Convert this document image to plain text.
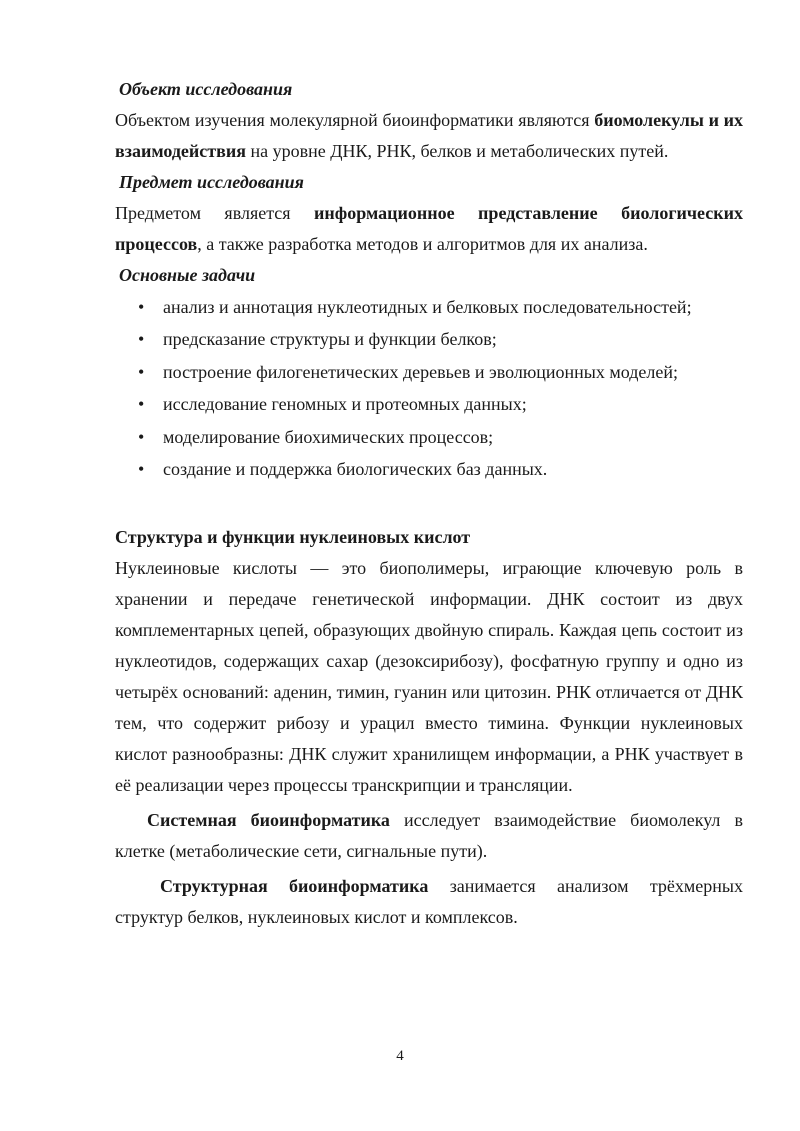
Объект исследования

Объектом изучения молекулярной биоинформатики являются биомолекулы и их взаимодействия на уровне ДНК, РНК, белков и метаболических путей.

Предмет исследования

Предметом является информационное представление биологических процессов, а также разработка методов и алгоритмов для их анализа.

Основные задачи

• анализ и аннотация нуклеотидных и белковых последовательностей;
• предсказание структуры и функции белков;
• построение филогенетических деревьев и эволюционных моделей;
• исследование геномных и протеомных данных;
• моделирование биохимических процессов;
• создание и поддержка биологических баз данных.

Структура и функции нуклеиновых кислот

Нуклеиновые кислоты — это биополимеры, играющие ключевую роль в хранении и передаче генетической информации. ДНК состоит из двух комплементарных цепей, образующих двойную спираль. Каждая цепь состоит из нуклеотидов, содержащих сахар (дезоксирибозу), фосфатную группу и одно из четырёх оснований: аденин, тимин, гуанин или цитозин. РНК отличается от ДНК тем, что содержит рибозу и урацил вместо тимина. Функции нуклеиновых кислот разнообразны: ДНК служит хранилищем информации, а РНК участвует в её реализации через процессы транскрипции и трансляции.

Системная биоинформатика исследует взаимодействие биомолекул в клетке (метаболические сети, сигнальные пути).

Структурная биоинформатика занимается анализом трёхмерных структур белков, нуклеиновых кислот и комплексов.

4
